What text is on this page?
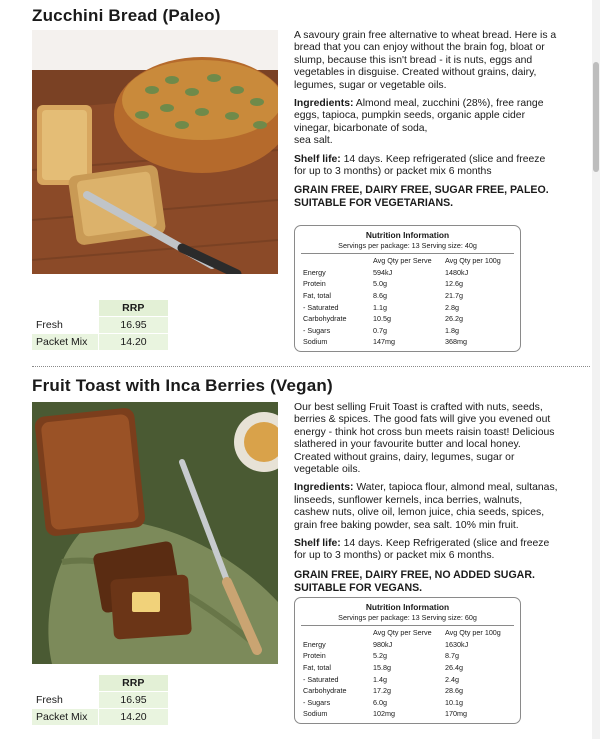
Zucchini Bread (Paleo)

A savoury grain free alternative to wheat bread. Here is a bread that you can enjoy without the brain fog, bloat or slump, because this isn't bread - it is nuts, eggs and vegetables in disguise. Created without grains, dairy, legumes, sugar or vegetable oils.

Ingredients: Almond meal, zucchini (28%), free range eggs, tapioca, pumpkin seeds, organic apple cider vinegar, bicarbonate of soda,
sea salt.

Shelf life: 14 days. Keep refrigerated (slice and freeze for up to 3 months) or packet mix 6 months

GRAIN FREE, DAIRY FREE, SUGAR FREE, PALEO. SUITABLE FOR VEGETARIANS.

Nutrition Information
Servings per package: 13 Serving size: 40g
	Avg Qty per Serve	Avg Qty per 100g
Energy	594kJ	1480kJ
Protein	5.0g	12.6g
Fat, total	8.6g	21.7g
- Saturated	1.1g	2.8g
Carbohydrate	10.5g	26.2g
- Sugars	0.7g	1.8g
Sodium	147mg	368mg
	RRP
Fresh	16.95
Packet Mix	14.20
Fruit Toast with Inca Berries (Vegan)

Our best selling Fruit Toast is crafted with nuts, seeds, berries & spices. The good fats will give you evened out energy - think hot cross bun meets raisin toast! Delicious slathered in your favourite butter and local honey. Created without grains, dairy, legumes, sugar or vegetable oils.

Ingredients: Water, tapioca flour, almond meal, sultanas, linseeds, sunflower kernels, inca berries, walnuts, cashew nuts, olive oil, lemon juice, chia seeds, spices, grain free baking powder, sea salt. 10% min fruit.

Shelf life: 14 days. Keep Refrigerated (slice and freeze for up to 3 months) or packet mix 6 months.

GRAIN FREE, DAIRY FREE, NO ADDED SUGAR. SUITABLE FOR VEGANS.

Nutrition Information
Servings per package: 13 Serving size: 60g
	Avg Qty per Serve	Avg Qty per 100g
Energy	980kJ	1630kJ
Protein	5.2g	8.7g
Fat, total	15.8g	26.4g
- Saturated	1.4g	2.4g
Carbohydrate	17.2g	28.6g
- Sugars	6.0g	10.1g
Sodium	102mg	170mg
	RRP
Fresh	16.95
Packet Mix	14.20
